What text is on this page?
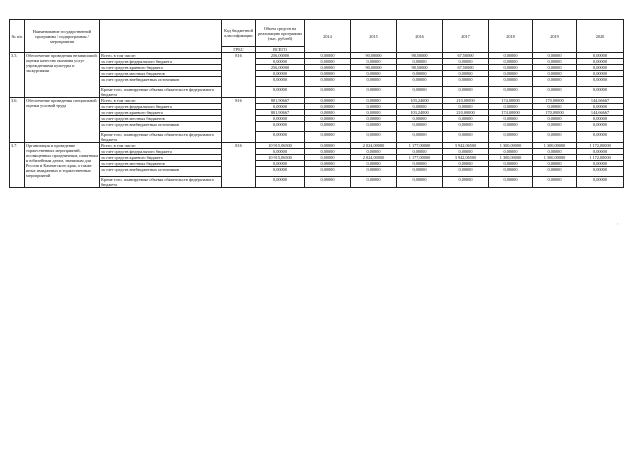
№ п/п	Наименование государственной программы / подпрограммы / мероприятия		Код бюджетной классификации	Объем средств на реализацию программы (тыс. рублей)	2014	2015	2016	2017	2018	2019	2020
			ГРБС	ВСЕГО							
3.5.	Обеспечение проведения независимой оценки качества оказания услуг учреждениями культуры и экскурсиями	Всего, в том числе:	816	256,00000	0,00000	90,00000	98,50000	67,50000	0,00000	0,00000	0,00000
		за счет средств федерального бюджета		0,00000	0,00000	0,00000	0,00000	0,00000	0,00000	0,00000	0,00000
		за счет средств краевого бюджета		256,00000	0,00000	90,00000	98,50000	67,50000	0,00000	0,00000	0,00000
		за счет средств местных бюджетов		0,00000	0,00000	0,00000	0,00000	0,00000	0,00000	0,00000	0,00000
		за счет средств внебюджетных источников		0,00000	0,00000	0,00000	0,00000	0,00000	0,00000	0,00000	0,00000
		Кроме того, планируемые объемы обязательств федерального бюджета		0,00000	0,00000	0,00000	0,00000	0,00000	0,00000	0,00000	0,00000
3.6.	Обеспечение проведения специальной оценки условий труда	Всего, в том числе:	816	801,90667	0,00000	0,00000	103,24000	210,00000	174,00000	170,00000	144,66667
		за счет средств федерального бюджета		0,00000	0,00000	0,00000	0,00000	0,00000	0,00000	0,00000	0,00000
		за счет средств краевого бюджета		801,90667	0,00000	0,00000	103,24000	210,00000	174,00000	170,00000	144,66667
		за счет средств местных бюджетов		0,00000	0,00000	0,00000	0,00000	0,00000	0,00000	0,00000	0,00000
		за счет средств внебюджетных источников		0,00000	0,00000	0,00000	0,00000	0,00000	0,00000	0,00000	0,00000
		Кроме того, планируемые объемы обязательств федерального бюджета		0,00000	0,00000	0,00000	0,00000	0,00000	0,00000	0,00000	0,00000
3.7.	Организация и проведение торжественных мероприятий, посвященных праздничным, памятным и юбилейным датам, значимым для России и Камчатского края, а также иных имиджевых и торжественных мероприятий	Всего, в том числе:	816	10 915,06500	0,00000	2 024,00000	1 177,00000	3 942,06500	1 300,00000	1 300,00000	1 172,00000
		за счет средств федерального бюджета		0,00000	0,00000	0,00000	0,00000	0,00000	0,00000	0,00000	0,00000
		за счет средств краевого бюджета		10 915,06500	0,00000	2 024,00000	1 177,00000	3 942,06500	1 300,00000	1 300,00000	1 172,00000
		за счет средств местных бюджетов		0,00000	0,00000	0,00000	0,00000	0,00000	0,00000	0,00000	0,00000
		за счет средств внебюджетных источников		0,00000	0,00000	0,00000	0,00000	0,00000	0,00000	0,00000	0,00000
		Кроме того, планируемые объемы обязательств федерального бюджета		0,00000	0,00000	0,00000	0,00000	0,00000	0,00000	0,00000	0,00000
ˊ
